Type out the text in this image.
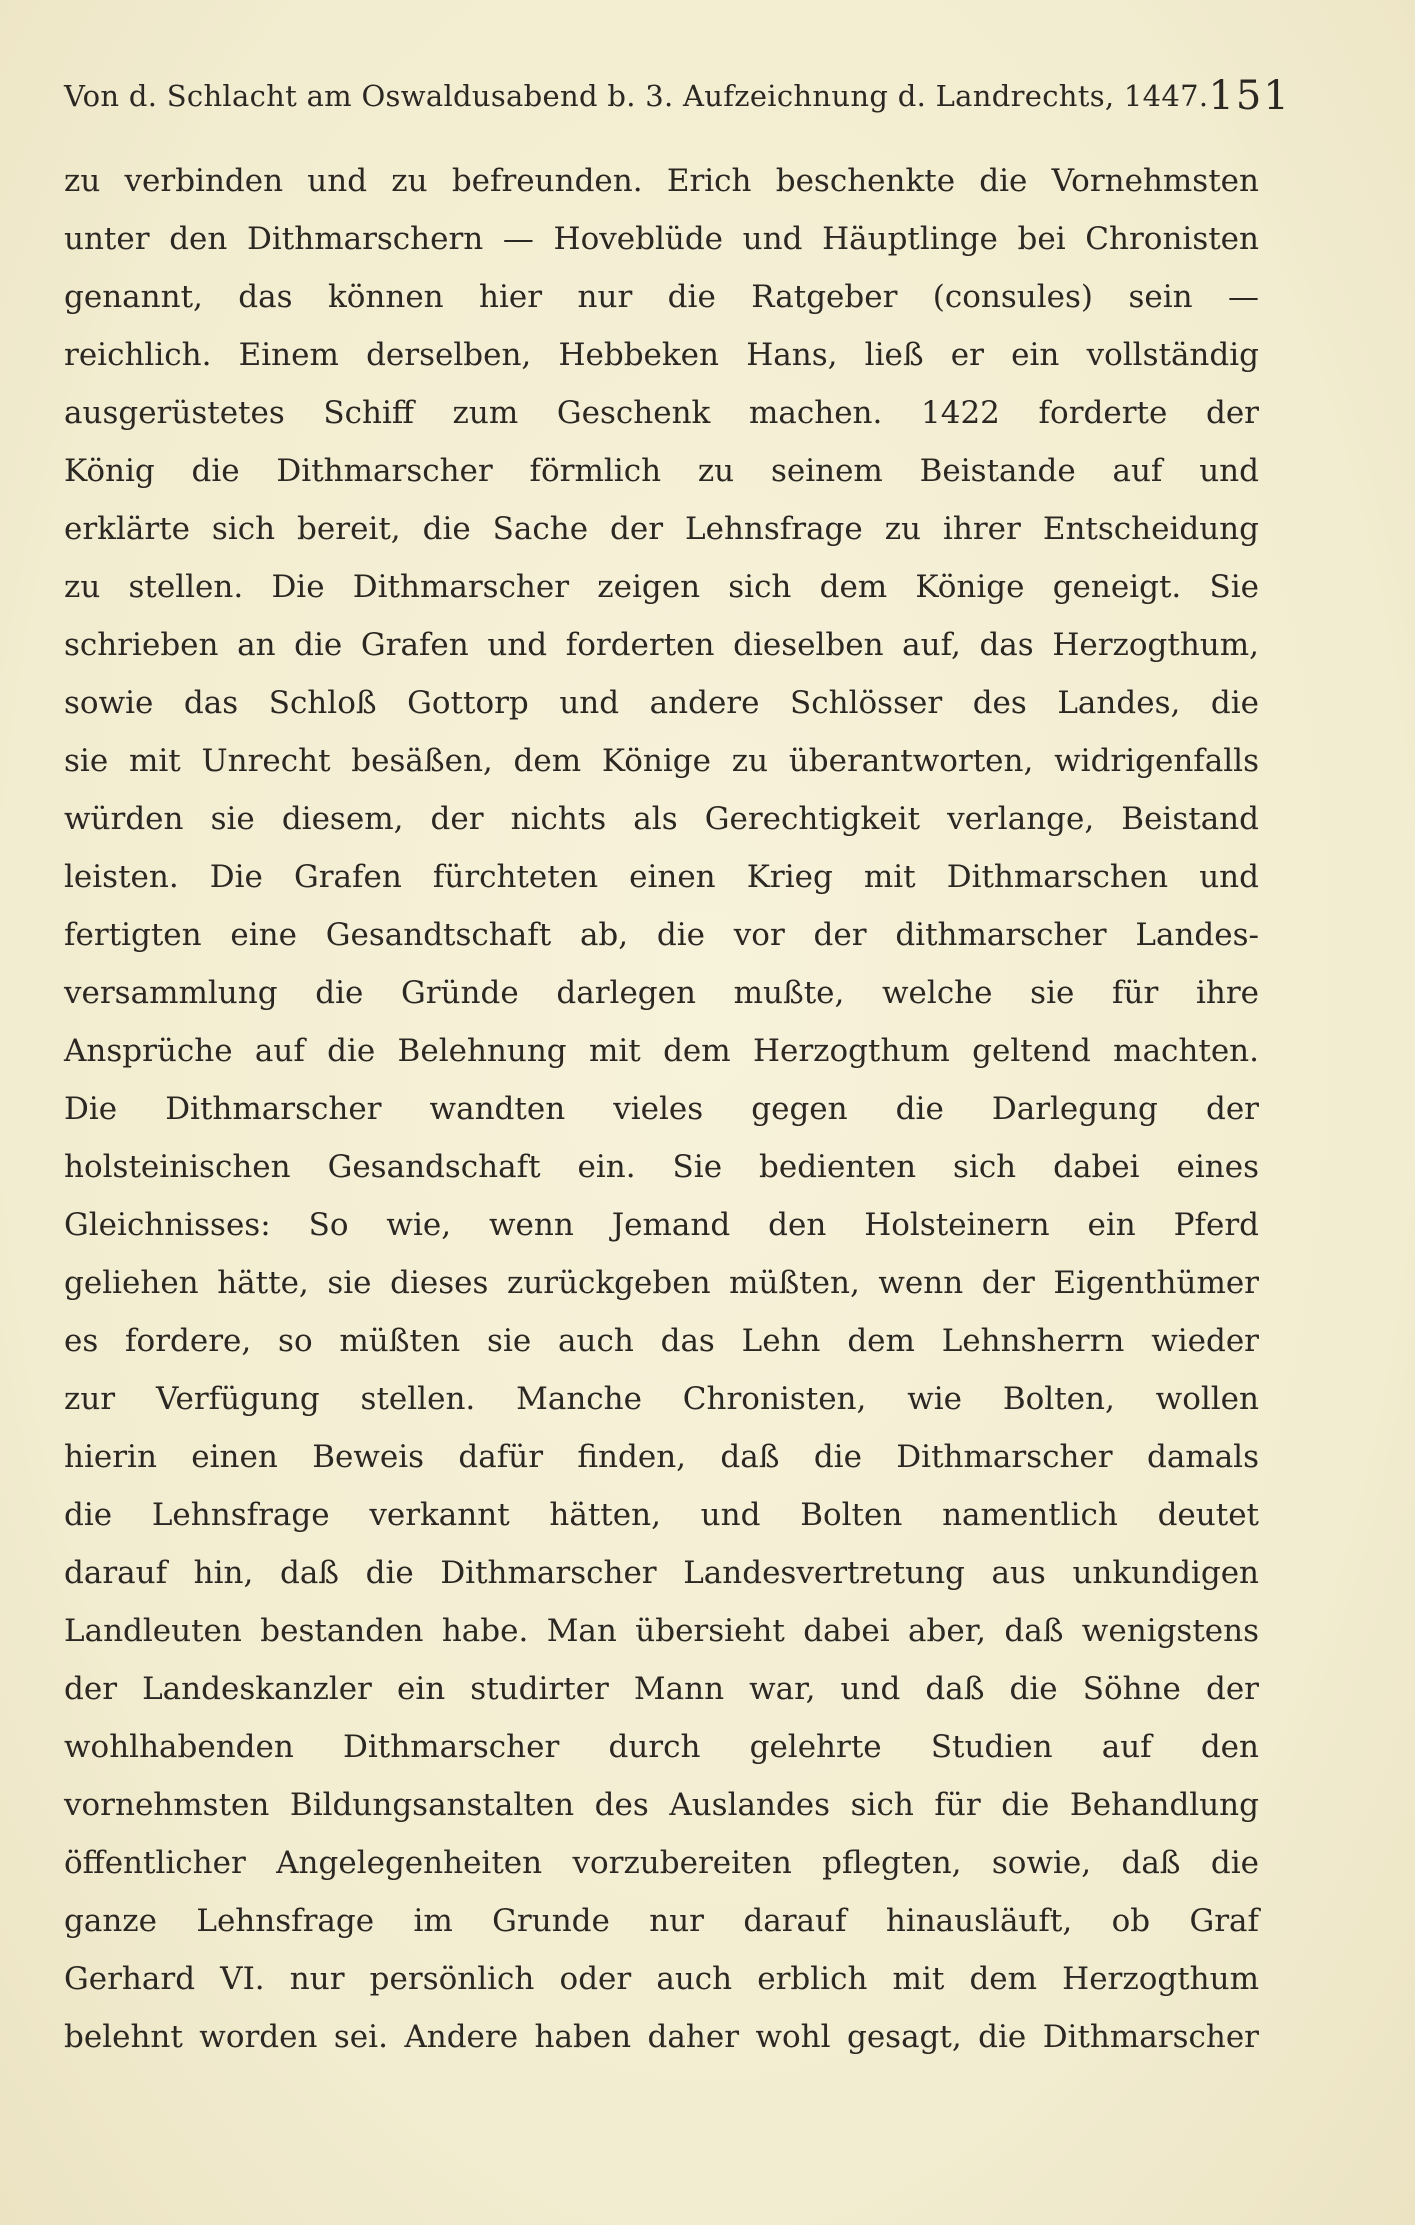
Von d. Schlacht am Oswaldusabend b. 3. Aufzeichnung d. Landrechts, 1447. 151
zu verbinden und zu befreunden. Erich beschenkte die Vornehmsten
unter den Dithmarschern — Hoveblüde und Häuptlinge bei Chronisten
genannt, das können hier nur die Ratgeber (consules) sein —
reichlich. Einem derselben, Hebbeken Hans, ließ er ein vollständig
ausgerüstetes Schiff zum Geschenk machen. 1422 forderte der
König die Dithmarscher förmlich zu seinem Beistande auf und
erklärte sich bereit, die Sache der Lehnsfrage zu ihrer Entscheidung
zu stellen. Die Dithmarscher zeigen sich dem Könige geneigt. Sie
schrieben an die Grafen und forderten dieselben auf, das Herzogthum,
sowie das Schloß Gottorp und andere Schlösser des Landes, die
sie mit Unrecht besäßen, dem Könige zu überantworten, widrigenfalls
würden sie diesem, der nichts als Gerechtigkeit verlange, Beistand
leisten. Die Grafen fürchteten einen Krieg mit Dithmarschen und
fertigten eine Gesandtschaft ab, die vor der dithmarscher Landes-
versammlung die Gründe darlegen mußte, welche sie für ihre
Ansprüche auf die Belehnung mit dem Herzogthum geltend machten.
Die Dithmarscher wandten vieles gegen die Darlegung der
holsteinischen Gesandschaft ein. Sie bedienten sich dabei eines
Gleichnisses: So wie, wenn Jemand den Holsteinern ein Pferd
geliehen hätte, sie dieses zurückgeben müßten, wenn der Eigenthümer
es fordere, so müßten sie auch das Lehn dem Lehnsherrn wieder
zur Verfügung stellen. Manche Chronisten, wie Bolten, wollen
hierin einen Beweis dafür finden, daß die Dithmarscher damals
die Lehnsfrage verkannt hätten, und Bolten namentlich deutet
darauf hin, daß die Dithmarscher Landesvertretung aus unkundigen
Landleuten bestanden habe. Man übersieht dabei aber, daß wenigstens
der Landeskanzler ein studirter Mann war, und daß die Söhne der
wohlhabenden Dithmarscher durch gelehrte Studien auf den
vornehmsten Bildungsanstalten des Auslandes sich für die Behandlung
öffentlicher Angelegenheiten vorzubereiten pflegten, sowie, daß die
ganze Lehnsfrage im Grunde nur darauf hinausläuft, ob Graf
Gerhard VI. nur persönlich oder auch erblich mit dem Herzogthum
belehnt worden sei. Andere haben daher wohl gesagt, die Dithmarscher
